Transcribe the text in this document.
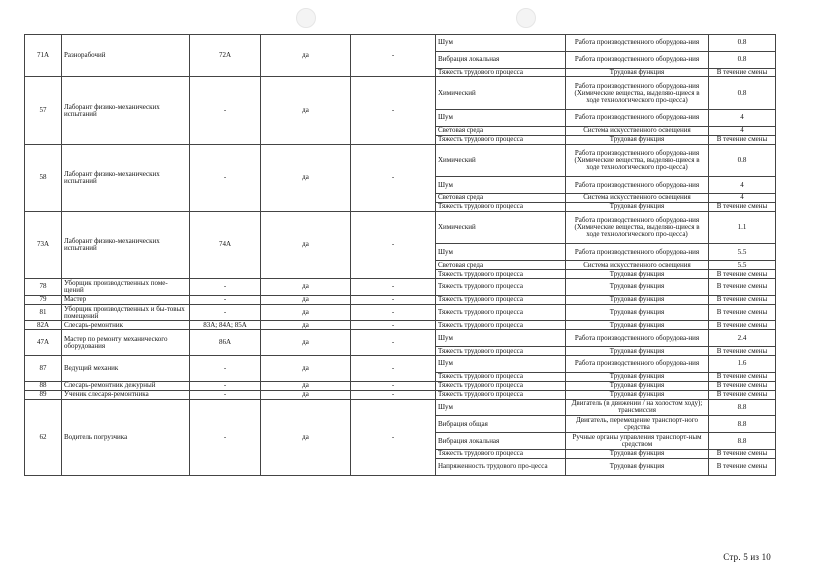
71А	Разнорабочий	72А	да	-	Шум	Работа производственного оборудова-ния	0.8
					Вибрация локальная	Работа производственного оборудова-ния	0.8
					Тяжесть трудового процесса	Трудовая функция	В течение смены
57	Лаборант физико-механических испытаний	-	да	-	Химический	Работа производственного оборудова-ния (Химические вещества, выделяю-щиеся в ходе технологического про-цесса)	0.8
					Шум	Работа производственного оборудова-ния	4
					Световая среда	Система искусственного освещения	4
					Тяжесть трудового процесса	Трудовая функция	В течение смены
58	Лаборант физико-механических испытаний	-	да	-	Химический	Работа производственного оборудова-ния (Химические вещества, выделяю-щиеся в ходе технологического про-цесса)	0.8
					Шум	Работа производственного оборудова-ния	4
					Световая среда	Система искусственного освещения	4
					Тяжесть трудового процесса	Трудовая функция	В течение смены
73А	Лаборант физико-механических испытаний	74А	да	-	Химический	Работа производственного оборудова-ния (Химические вещества, выделяю-щиеся в ходе технологического про-цесса)	1.1
					Шум	Работа производственного оборудова-ния	5.5
					Световая среда	Система искусственного освещения	5.5
					Тяжесть трудового процесса	Трудовая функция	В течение смены
78	Уборщик производственных поме-щений	-	да	-	Тяжесть трудового процесса	Трудовая функция	В течение смены
79	Мастер	-	да	-	Тяжесть трудового процесса	Трудовая функция	В течение смены
81	Уборщик производственных и бы-товых помещений	-	да	-	Тяжесть трудового процесса	Трудовая функция	В течение смены
82А	Слесарь-ремонтник	83А; 84А; 85А	да	-	Тяжесть трудового процесса	Трудовая функция	В течение смены
47А	Мастер по ремонту механического оборудования	86А	да	-	Шум	Работа производственного оборудова-ния	2.4
					Тяжесть трудового процесса	Трудовая функция	В течение смены
87	Ведущий механик	-	да	-	Шум	Работа производственного оборудова-ния	1.6
					Тяжесть трудового процесса	Трудовая функция	В течение смены
88	Слесарь-ремонтник дежурный	-	да	-	Тяжесть трудового процесса	Трудовая функция	В течение смены
89	Ученик слесаря-ремонтника	-	да	-	Тяжесть трудового процесса	Трудовая функция	В течение смены
62	Водитель погрузчика	-	да	-	Шум	Двигатель (в движении / на холостом ходу); трансмиссия	8.8
					Вибрация общая	Двигатель, перемещение транспорт-ного средства	8.8
					Вибрация локальная	Ручные органы управления транспорт-ным средством	8.8
					Тяжесть трудового процесса	Трудовая функция	В течение смены
					Напряженность трудового про-цесса	Трудовая функция	В течение смены
Стр. 5 из 10
